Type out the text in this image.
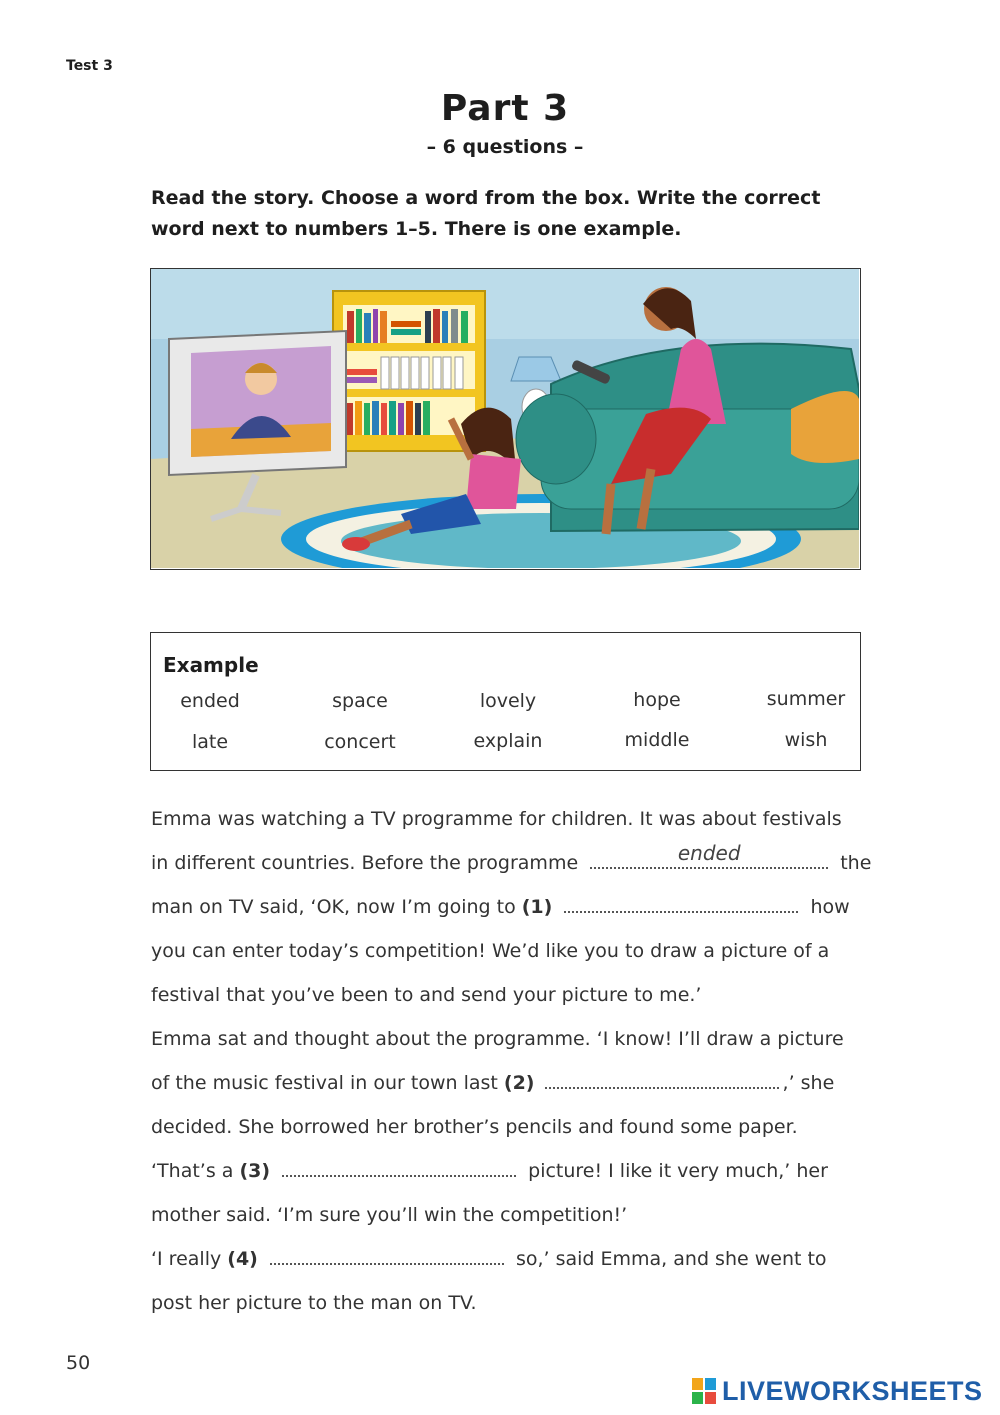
Test 3
Part 3
– 6 questions –
Read the story. Choose a word from the box. Write the correct word next to numbers 1–5. There is one example.
Example
ended	space	lovely	hope	summer
late	concert	explain	middle	wish
Emma was watching a TV programme for children. It was about festivals
in different countries. Before the programme	ended	the
man on TV said, ‘OK, now I’m going to (1)	how
you can enter today’s competition! We’d like you to draw a picture of a
festival that you’ve been to and send your picture to me.’
Emma sat and thought about the programme. ‘I know! I’ll draw a picture
of the music festival in our town last (2)	,’ she
decided. She borrowed her brother’s pencils and found some paper.
‘That’s a (3)	picture! I like it very much,’ her
mother said. ‘I’m sure you’ll win the competition!’
‘I really (4)	so,’ said Emma, and she went to
post her picture to the man on TV.
50
LIVEWORKSHEETS
